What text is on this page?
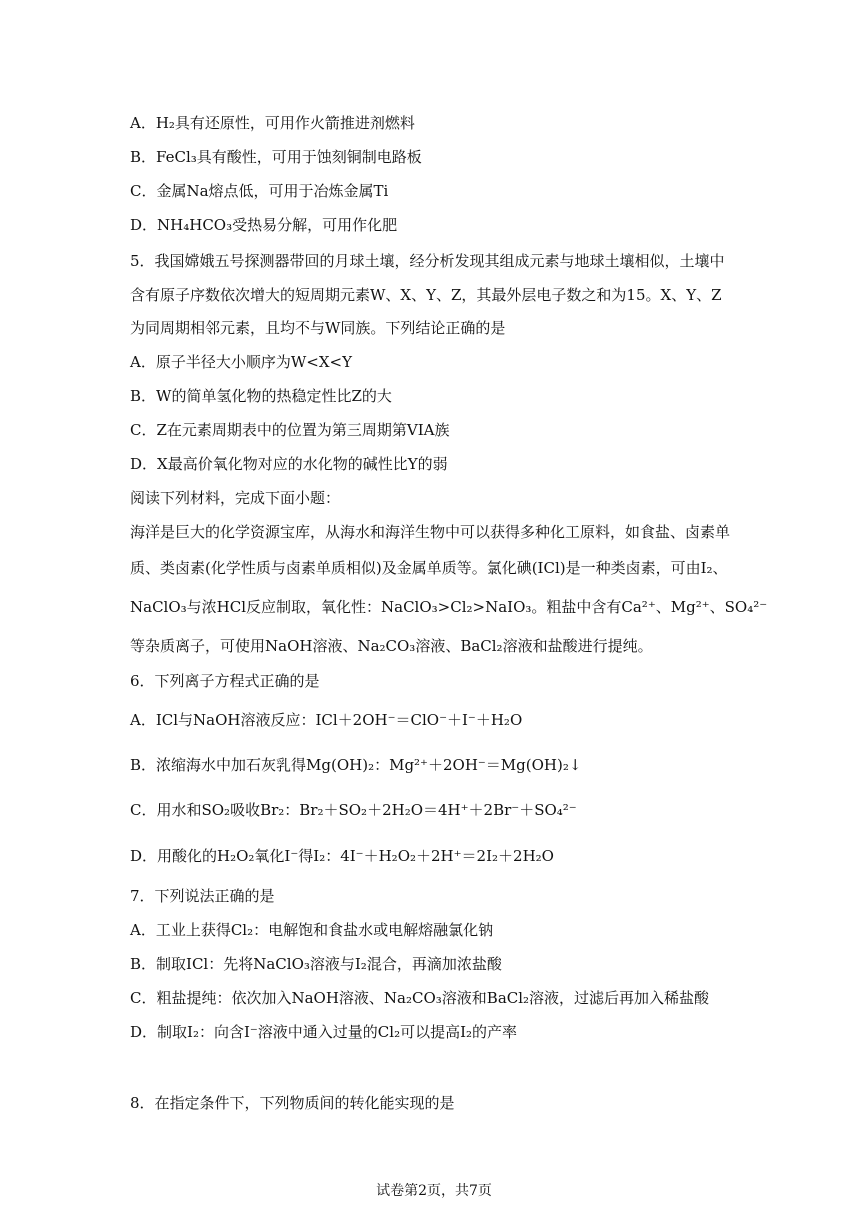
A．H₂具有还原性，可用作火箭推进剂燃料
B．FeCl₃具有酸性，可用于蚀刻铜制电路板
C．金属Na熔点低，可用于冶炼金属Ti
D．NH₄HCO₃受热易分解，可用作化肥
5．我国嫦娥五号探测器带回的月球土壤，经分析发现其组成元素与地球土壤相似，土壤中
含有原子序数依次增大的短周期元素W、X、Y、Z，其最外层电子数之和为15。X、Y、Z
为同周期相邻元素，且均不与W同族。下列结论正确的是
A．原子半径大小顺序为W<X<Y
B．W的简单氢化物的热稳定性比Z的大
C．Z在元素周期表中的位置为第三周期第VIA族
D．X最高价氧化物对应的水化物的碱性比Y的弱
阅读下列材料，完成下面小题：
海洋是巨大的化学资源宝库，从海水和海洋生物中可以获得多种化工原料，如食盐、卤素单
质、类卤素(化学性质与卤素单质相似)及金属单质等。氯化碘(ICl)是一种类卤素，可由I₂、
NaClO₃与浓HCl反应制取，氧化性：NaClO₃>Cl₂>NaIO₃。粗盐中含有Ca²⁺、Mg²⁺、SO₄²⁻
等杂质离子，可使用NaOH溶液、Na₂CO₃溶液、BaCl₂溶液和盐酸进行提纯。
6．下列离子方程式正确的是
A．ICl与NaOH溶液反应：ICl＋2OH⁻＝ClO⁻＋I⁻＋H₂O
B．浓缩海水中加石灰乳得Mg(OH)₂：Mg²⁺＋2OH⁻＝Mg(OH)₂↓
C．用水和SO₂吸收Br₂：Br₂＋SO₂＋2H₂O＝4H⁺＋2Br⁻＋SO₄²⁻
D．用酸化的H₂O₂氧化I⁻得I₂：4I⁻＋H₂O₂＋2H⁺＝2I₂＋2H₂O
7．下列说法正确的是
A．工业上获得Cl₂：电解饱和食盐水或电解熔融氯化钠
B．制取ICl：先将NaClO₃溶液与I₂混合，再滴加浓盐酸
C．粗盐提纯：依次加入NaOH溶液、Na₂CO₃溶液和BaCl₂溶液，过滤后再加入稀盐酸
D．制取I₂：向含I⁻溶液中通入过量的Cl₂可以提高I₂的产率
8．在指定条件下，下列物质间的转化能实现的是
试卷第2页，共7页
